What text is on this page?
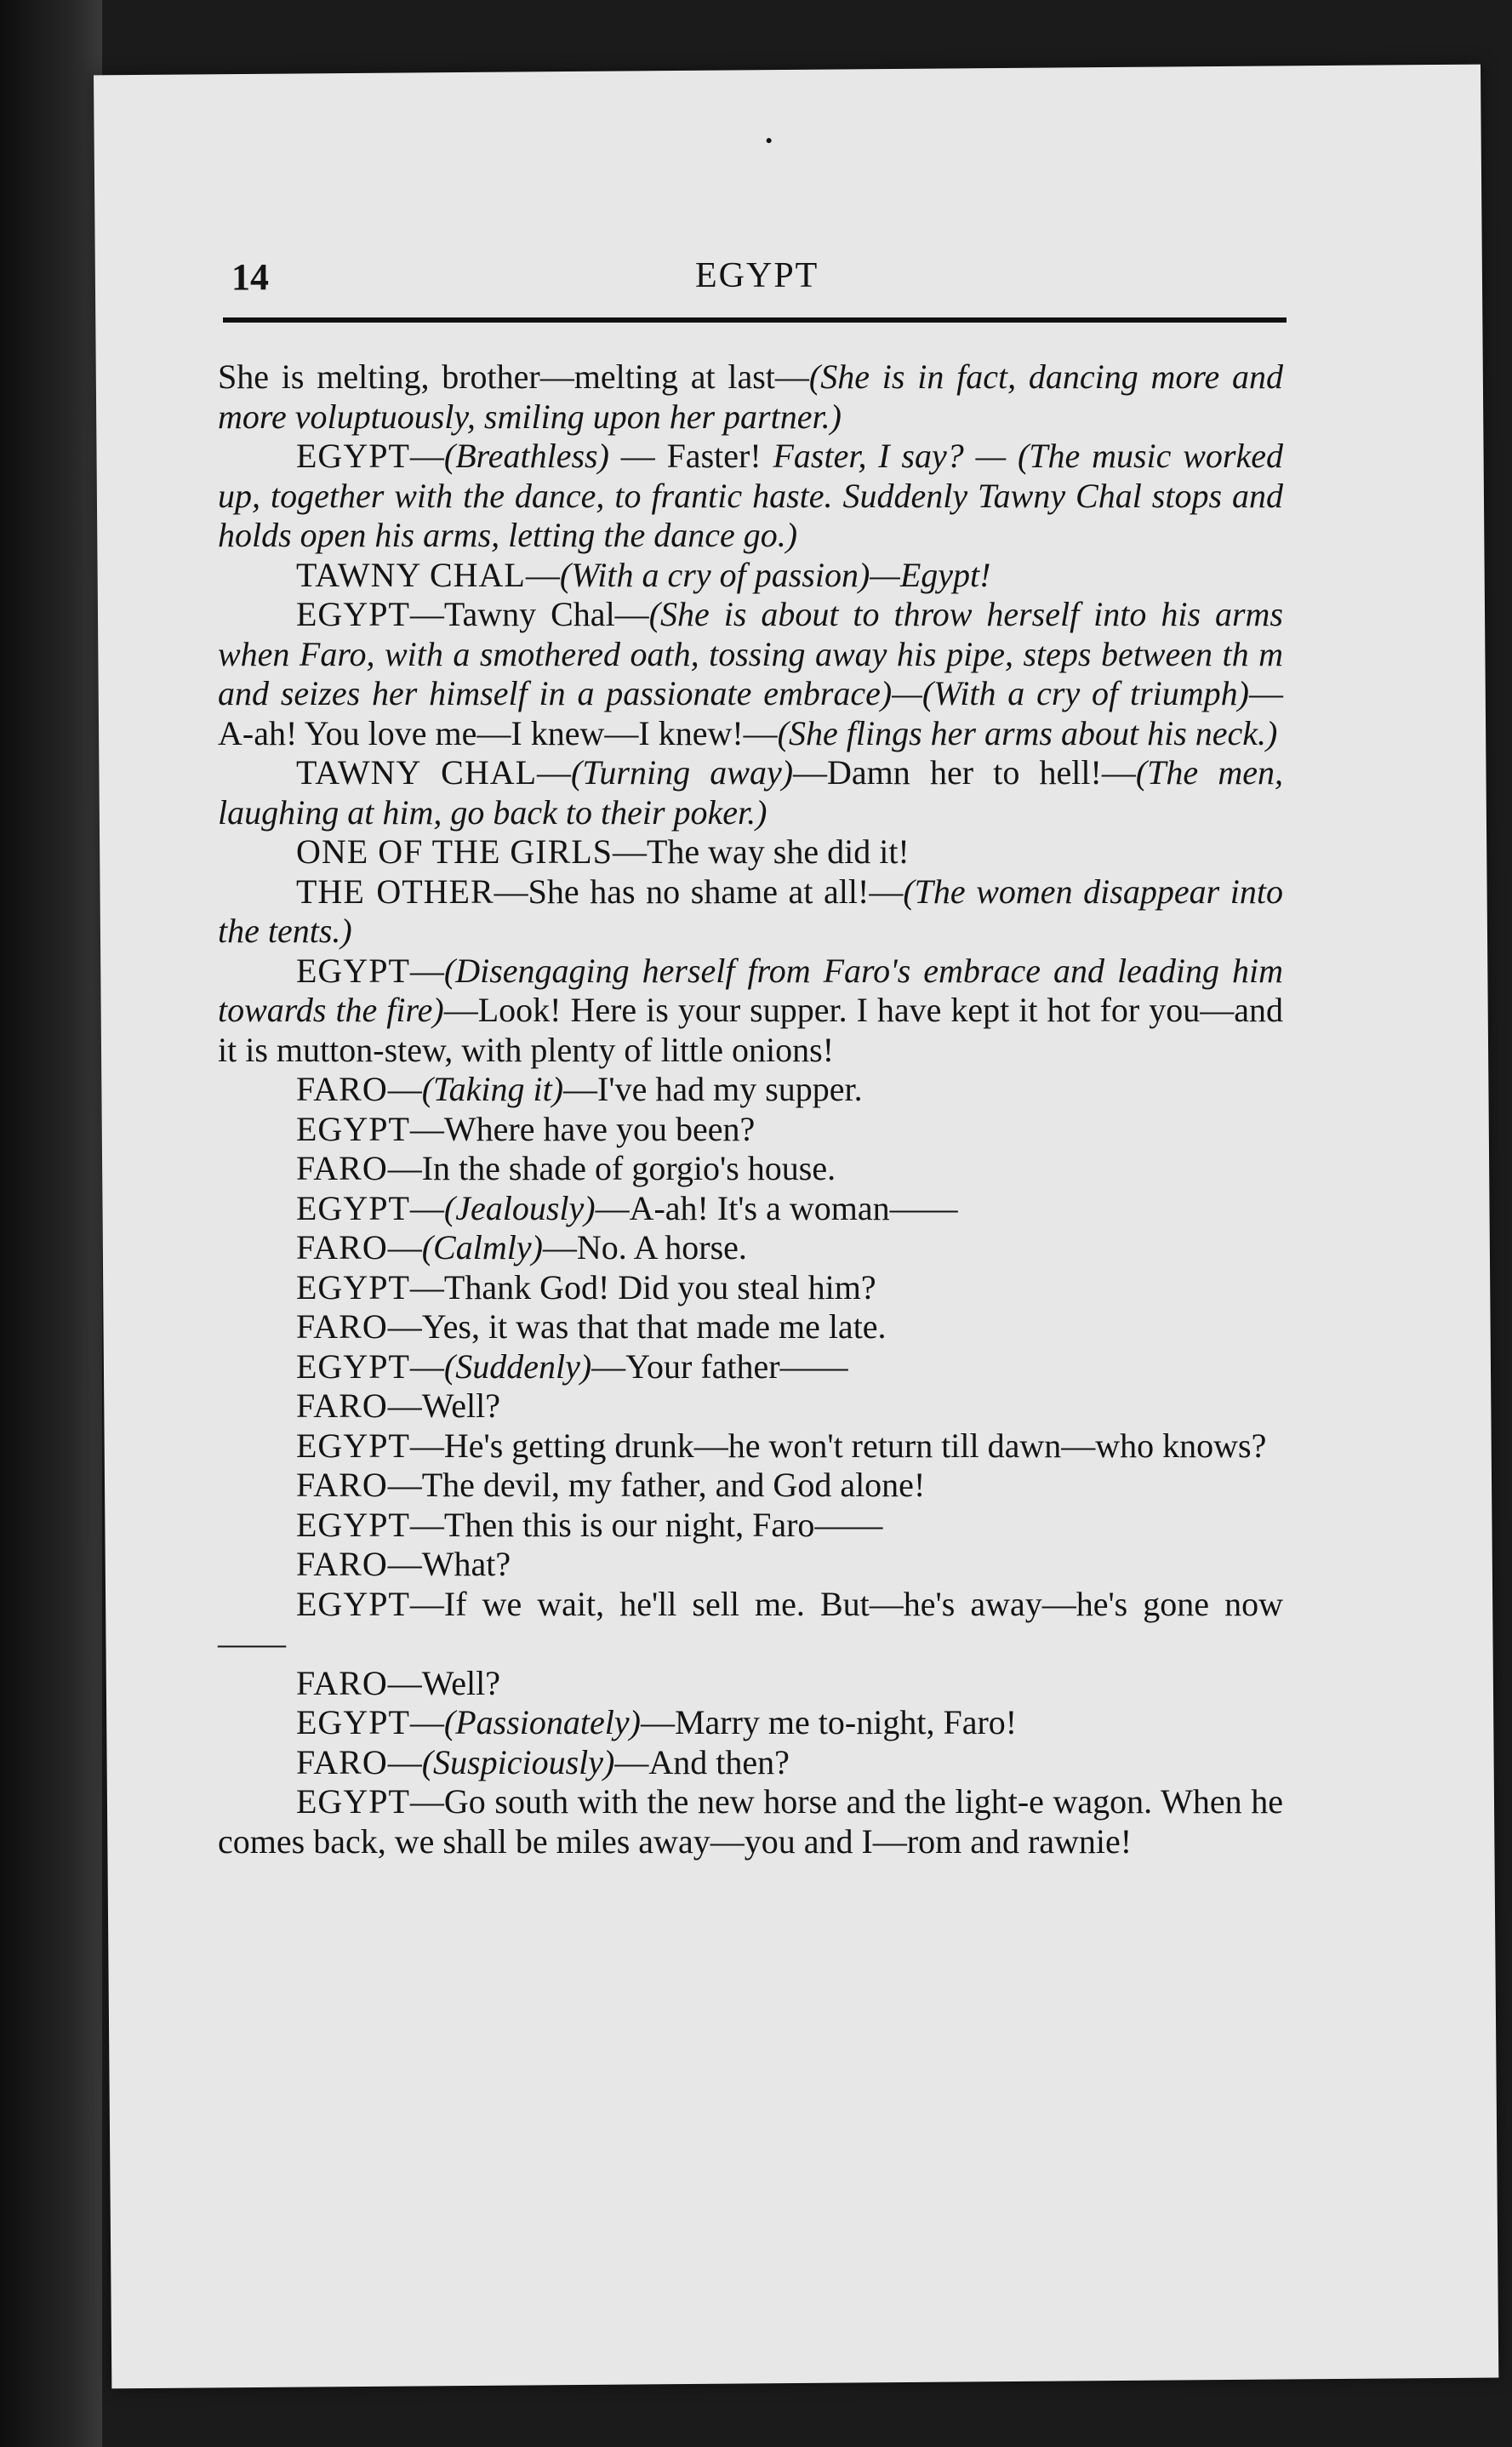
14	EGYPT

She is melting, brother—melting at last—(She is in fact, dancing more and more voluptuously, smiling upon her partner.)

EGYPT—(Breathless) — Faster! Faster, I say? — (The music worked up, together with the dance, to frantic haste. Suddenly Tawny Chal stops and holds open his arms, letting the dance go.)

TAWNY CHAL—(With a cry of passion)—Egypt!

EGYPT—Tawny Chal—(She is about to throw herself into his arms when Faro, with a smothered oath, tossing away his pipe, steps between th m and seizes her himself in a passionate embrace)—(With a cry of triumph)— A-ah! You love me—I knew—I knew!—(She flings her arms about his neck.)

TAWNY CHAL—(Turning away)—Damn her to hell!—(The men, laughing at him, go back to their poker.)

ONE OF THE GIRLS—The way she did it!

THE OTHER—She has no shame at all!—(The women disappear into the tents.)

EGYPT—(Disengaging herself from Faro's embrace and leading him towards the fire)—Look! Here is your supper. I have kept it hot for you—and it is mutton-stew, with plenty of little onions!

FARO—(Taking it)—I've had my supper.

EGYPT—Where have you been?

FARO—In the shade of gorgio's house.

EGYPT—(Jealously)—A-ah! It's a woman——

FARO—(Calmly)—No. A horse.

EGYPT—Thank God! Did you steal him?

FARO—Yes, it was that that made me late.

EGYPT—(Suddenly)—Your father——

FARO—Well?

EGYPT—He's getting drunk—he won't return till dawn—who knows?

FARO—The devil, my father, and God alone!

EGYPT—Then this is our night, Faro——

FARO—What?

EGYPT—If we wait, he'll sell me. But—he's away—he's gone now——

FARO—Well?

EGYPT—(Passionately)—Marry me to-night, Faro!

FARO—(Suspiciously)—And then?

EGYPT—Go south with the new horse and the light-e wagon. When he comes back, we shall be miles away—you and I—rom and rawnie!
